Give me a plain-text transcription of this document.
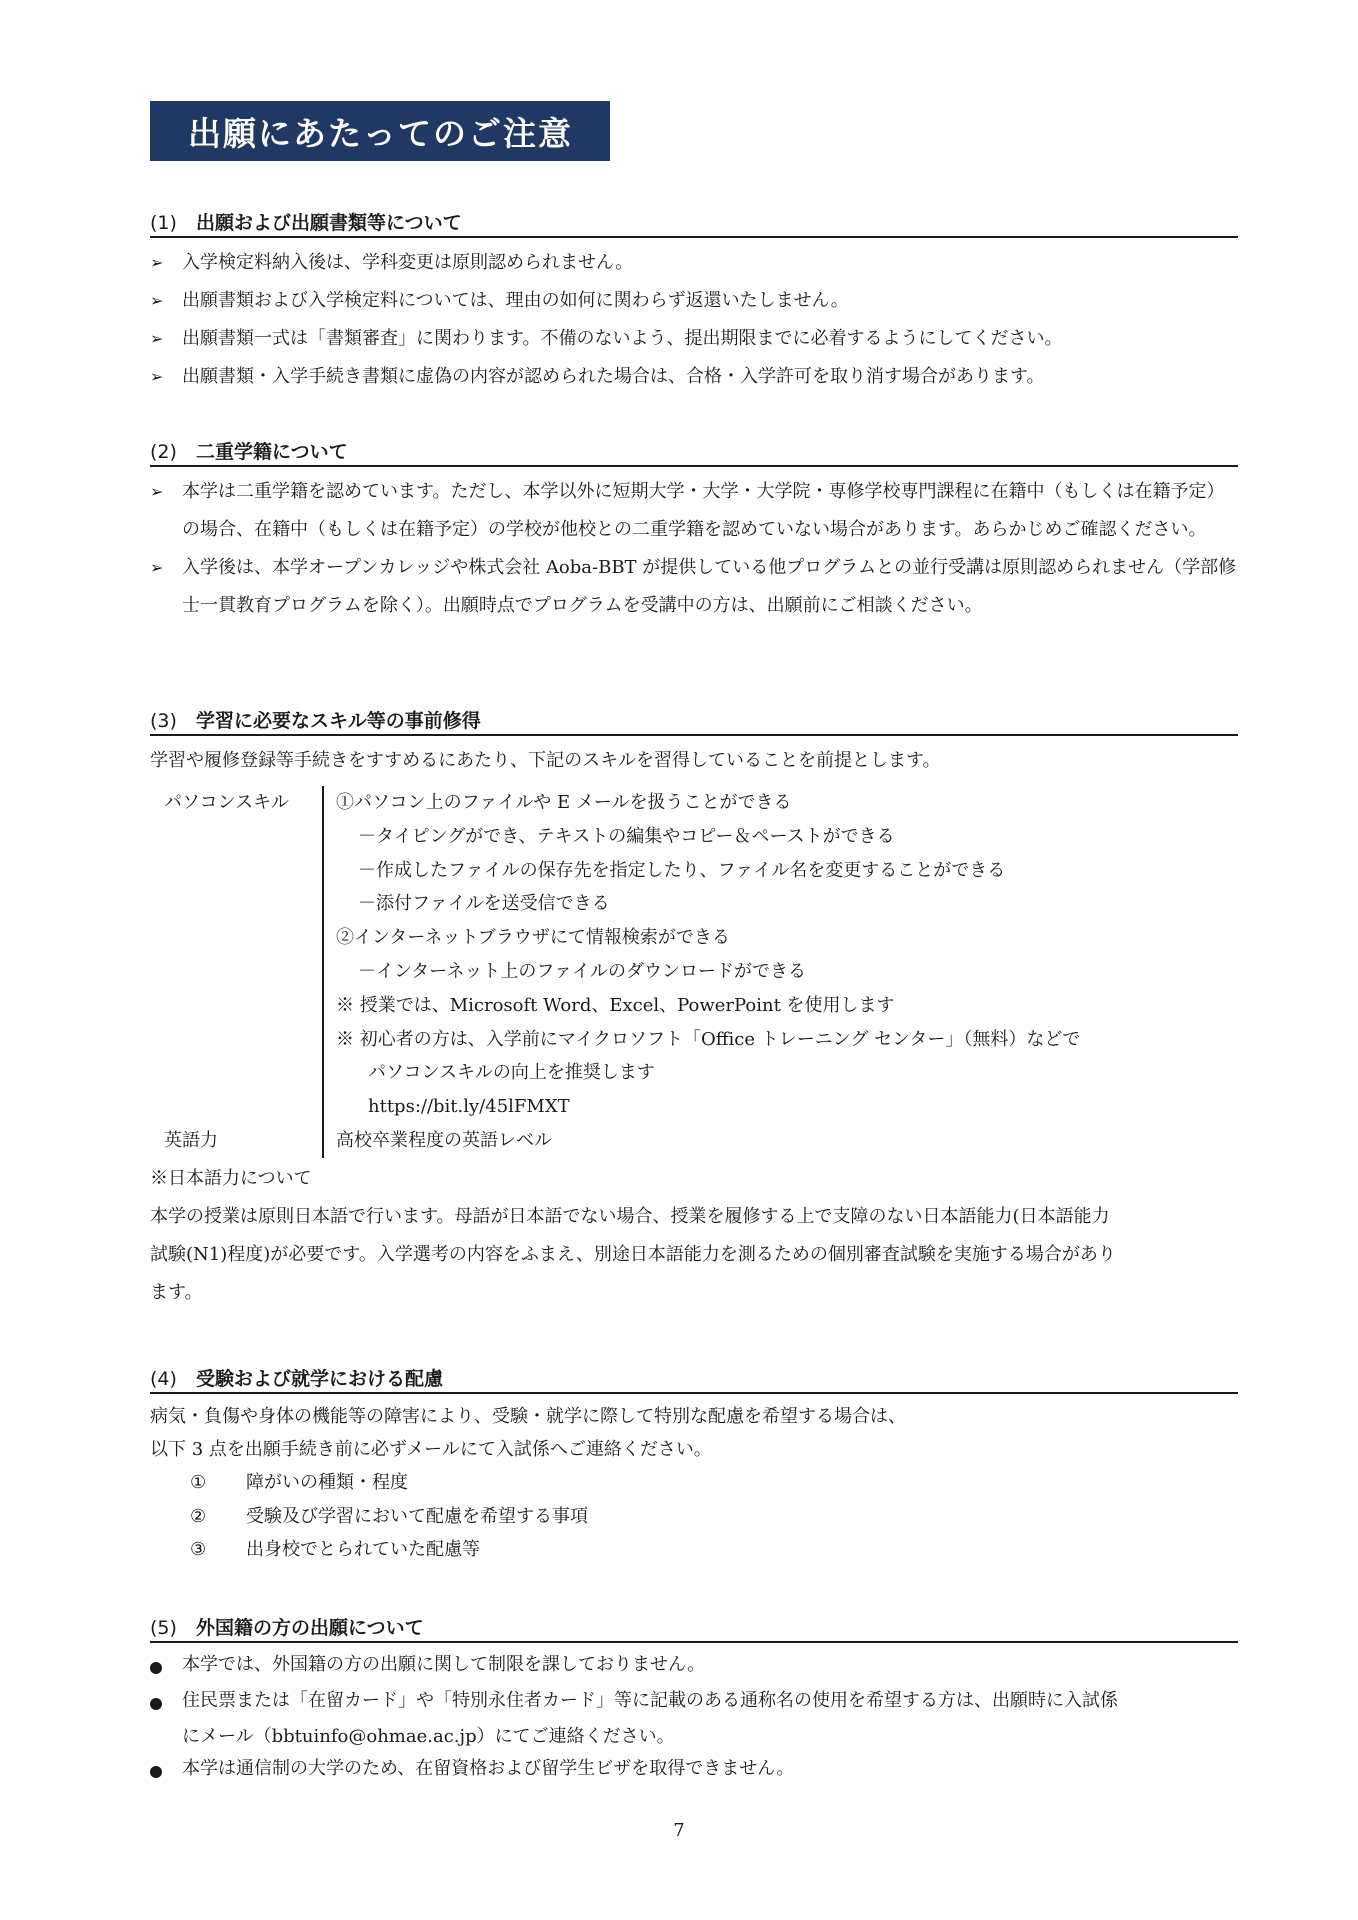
出願にあたってのご注意
(1)	出願および出願書類等について
➢	入学検定料納入後は、学科変更は原則認められません。
➢	出願書類および入学検定料については、理由の如何に関わらず返還いたしません。
➢	出願書類一式は「書類審査」に関わります。不備のないよう、提出期限までに必着するようにしてください。
➢	出願書類・入学手続き書類に虚偽の内容が認められた場合は、合格・入学許可を取り消す場合があります。
(2)	二重学籍について
➢	本学は二重学籍を認めています。ただし、本学以外に短期大学・大学・大学院・専修学校専門課程に在籍中（もしくは在籍予定）の場合、在籍中（もしくは在籍予定）の学校が他校との二重学籍を認めていない場合があります。あらかじめご確認ください。
➢	入学後は、本学オープンカレッジや株式会社 Aoba-BBT が提供している他プログラムとの並行受講は原則認められません（学部修士一貫教育プログラムを除く）。出願時点でプログラムを受講中の方は、出願前にご相談ください。
(3)	学習に必要なスキル等の事前修得
学習や履修登録等手続きをすすめるにあたり、下記のスキルを習得していることを前提とします。
パソコンスキル	①パソコン上のファイルや E メールを扱うことができる
－タイピングができ、テキストの編集やコピー＆ペーストができる
－作成したファイルの保存先を指定したり、ファイル名を変更することができる
－添付ファイルを送受信できる
②インターネットブラウザにて情報検索ができる
－インターネット上のファイルのダウンロードができる
※ 授業では、Microsoft Word、Excel、PowerPoint を使用します
※ 初心者の方は、入学前にマイクロソフト「Office トレーニング センター」（無料）などで
パソコンスキルの向上を推奨します
https://bit.ly/45lFMXT
英語力	高校卒業程度の英語レベル
※日本語力について
本学の授業は原則日本語で行います。母語が日本語でない場合、授業を履修する上で支障のない日本語能力(日本語能力
試験(N1)程度)が必要です。入学選考の内容をふまえ、別途日本語能力を測るための個別審査試験を実施する場合があり
ます。
(4)	受験および就学における配慮
病気・負傷や身体の機能等の障害により、受験・就学に際して特別な配慮を希望する場合は、
以下 3 点を出願手続き前に必ずメールにて入試係へご連絡ください。
①	障がいの種類・程度
②	受験及び学習において配慮を希望する事項
③	出身校でとられていた配慮等
(5)	外国籍の方の出願について
本学では、外国籍の方の出願に関して制限を課しておりません。
住民票または「在留カード」や「特別永住者カード」等に記載のある通称名の使用を希望する方は、出願時に入試係
にメール（bbtuinfo@ohmae.ac.jp）にてご連絡ください。
本学は通信制の大学のため、在留資格および留学生ビザを取得できません。
7
